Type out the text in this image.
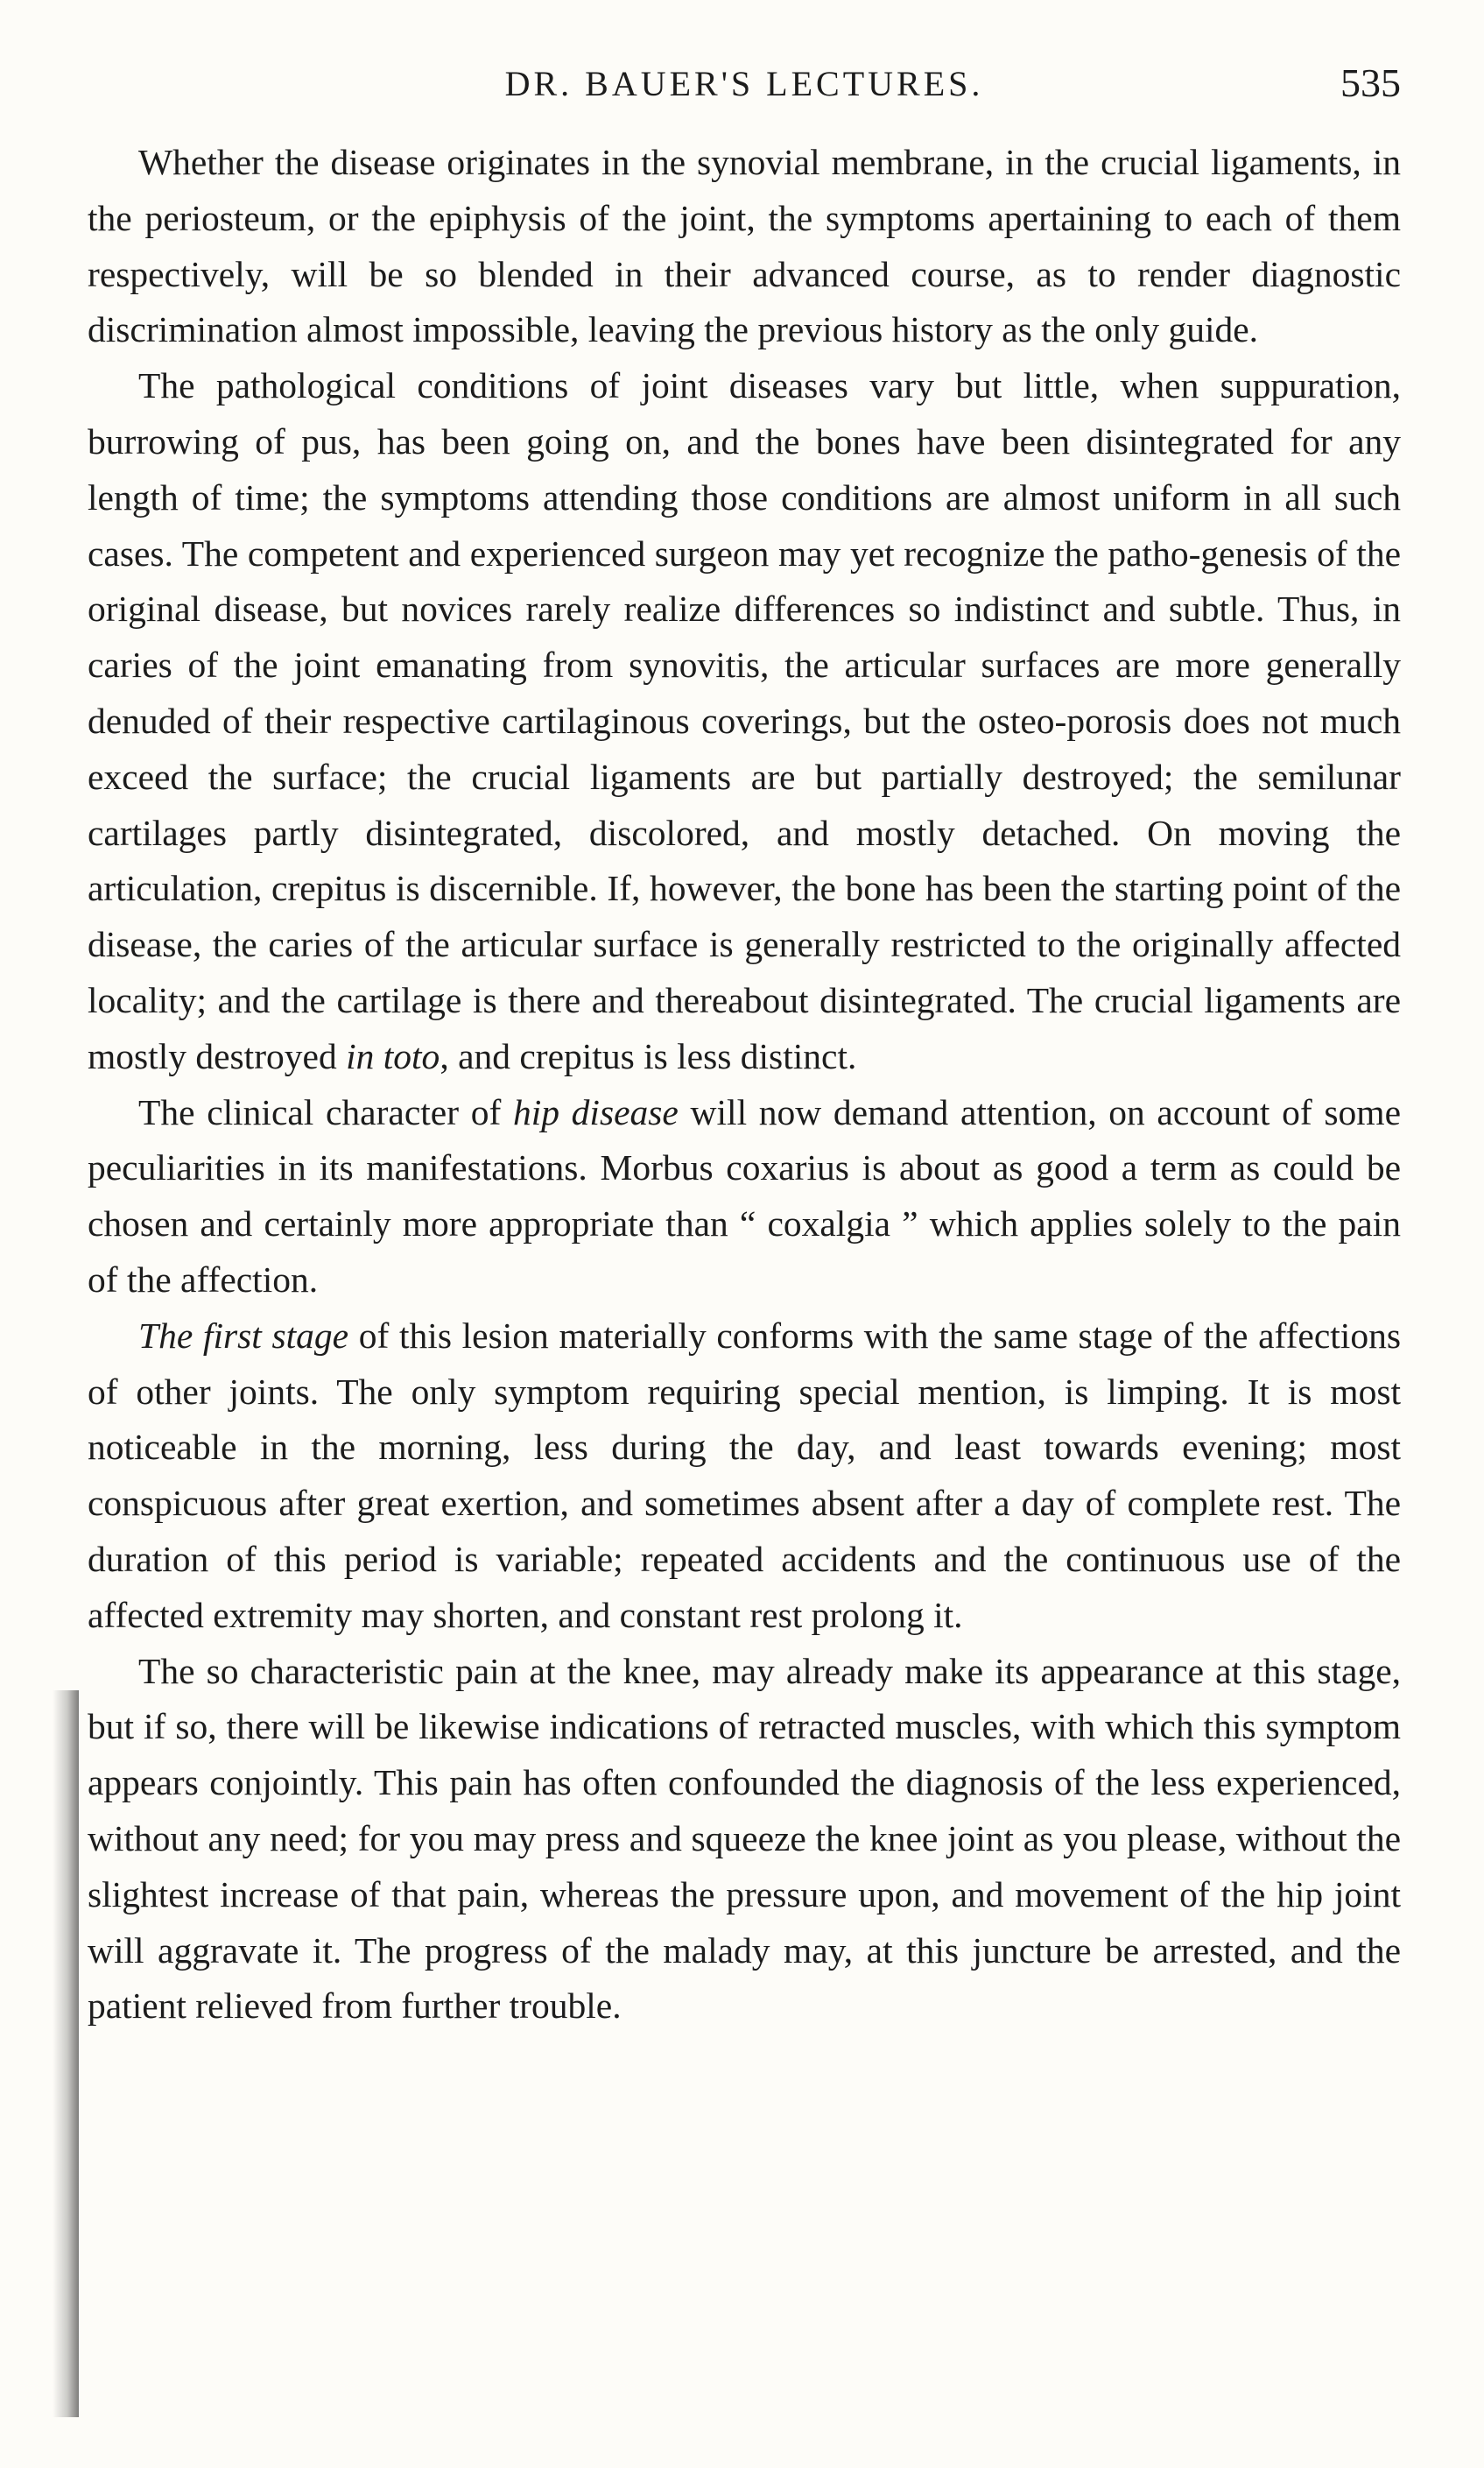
DR. BAUER'S LECTURES.	535

Whether the disease originates in the synovial membrane, in the crucial ligaments, in the periosteum, or the epiphysis of the joint, the symptoms apertaining to each of them respectively, will be so blended in their advanced course, as to render diagnostic discrimination almost impossible, leaving the previous history as the only guide.

The pathological conditions of joint diseases vary but little, when suppuration, burrowing of pus, has been going on, and the bones have been disintegrated for any length of time; the symptoms attending those conditions are almost uniform in all such cases. The competent and experienced surgeon may yet recognize the patho-genesis of the original disease, but novices rarely realize differences so indistinct and subtle. Thus, in caries of the joint emanating from synovitis, the articular surfaces are more generally denuded of their respective cartilaginous coverings, but the osteo-porosis does not much exceed the surface; the crucial ligaments are but partially destroyed; the semilunar cartilages partly disintegrated, discolored, and mostly detached. On moving the articulation, crepitus is discernible. If, however, the bone has been the starting point of the disease, the caries of the articular surface is generally restricted to the originally affected locality; and the cartilage is there and thereabout disintegrated. The crucial ligaments are mostly destroyed in toto, and crepitus is less distinct.

The clinical character of hip disease will now demand attention, on account of some peculiarities in its manifestations. Morbus coxarius is about as good a term as could be chosen and certainly more appropriate than “ coxalgia ” which applies solely to the pain of the affection.

The first stage of this lesion materially conforms with the same stage of the affections of other joints. The only symptom requiring special mention, is limping. It is most noticeable in the morning, less during the day, and least towards evening; most conspicuous after great exertion, and sometimes absent after a day of complete rest. The duration of this period is variable; repeated accidents and the continuous use of the affected extremity may shorten, and constant rest prolong it.

The so characteristic pain at the knee, may already make its appearance at this stage, but if so, there will be likewise indications of retracted muscles, with which this symptom appears conjointly. This pain has often confounded the diagnosis of the less experienced, without any need; for you may press and squeeze the knee joint as you please, without the slightest increase of that pain, whereas the pressure upon, and movement of the hip joint will aggravate it. The progress of the malady may, at this juncture be arrested, and the patient relieved from further trouble.
